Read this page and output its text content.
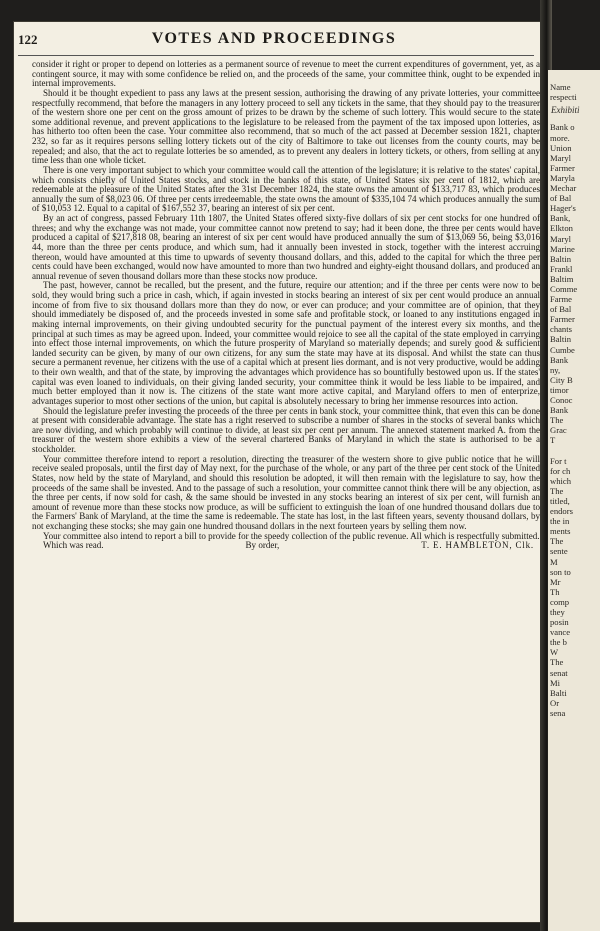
122	VOTES AND PROCEEDINGS

consider it right or proper to depend on lotteries as a permanent source of revenue to meet the current expenditures of government, yet, as a contingent source, it may with some confidence be relied on, and the proceeds of the same, your committee think, ought to be expended in internal improvements.

Should it be thought expedient to pass any laws at the present session, authorising the drawing of any private lotteries, your committee respectfully recommend, that before the managers in any lottery proceed to sell any tickets in the same, that they should pay to the treasurer of the western shore one per cent on the gross amount of prizes to be drawn by the scheme of such lottery. This would secure to the state some additional revenue, and prevent applications to the legislature to be released from the payment of the tax imposed upon lotteries, as has hitherto too often been the case. Your committee also recommend, that so much of the act passed at December session 1821, chapter 232, so far as it requires persons selling lottery tickets out of the city of Baltimore to take out licenses from the county courts, may be repealed; and also, that the act to regulate lotteries be so amended, as to prevent any dealers in lottery tickets, or others, from selling at any time less than one whole ticket.

There is one very important subject to which your committee would call the attention of the legislature; it is relative to the states' capital, which consists chiefly of United States stocks, and stock in the banks of this state, of United States six per cent of 1812, which are redeemable at the pleasure of the United States after the 31st December 1824, the state owns the amount of $133,717 83, which produces annually the sum of $8,023 06. Of three per cents irredeemable, the state owns the amount of $335,104 74 which produces annually the sum of $10,053 12. Equal to a capital of $167,552 37, bearing an interest of six per cent.

By an act of congress, passed February 11th 1807, the United States offered sixty-five dollars of six per cent stocks for one hundred of threes; and why the exchange was not made, your committee cannot now pretend to say; had it been done, the three per cents would have produced a capital of $217,818 08, bearing an interest of six per cent would have produced annually the sum of $13,069 56, being $3,016 44, more than the three per cents produce, and which sum, had it annually been invested in stock, together with the interest accruing thereon, would have amounted at this time to upwards of seventy thousand dollars, and this, added to the capital for which the three per cents could have been exchanged, would now have amounted to more than two hundred and eighty-eight thousand dollars, and produced an annual revenue of seven thousand dollars more than these stocks now produce.

The past, however, cannot be recalled, but the present, and the future, require our attention; and if the three per cents were now to be sold, they would bring such a price in cash, which, if again invested in stocks bearing an interest of six per cent would produce an annual income of from five to six thousand dollars more than they do now, or ever can produce; and your committee are of opinion, that they should immediately be disposed of, and the proceeds invested in some safe and profitable stock, or loaned to any institutions engaged in making internal improvements, on their giving undoubted security for the punctual payment of the interest every six months, and the principal at such times as may be agreed upon. Indeed, your committee would rejoice to see all the capital of the state employed in carrying into effect those internal improvements, on which the future prosperity of Maryland so materially depends; and surely good & sufficient landed security can be given, by many of our own citizens, for any sum the state may have at its disposal. And whilst the state can thus secure a permanent revenue, her citizens with the use of a capital which at present lies dormant, and is not very productive, would be adding to their own wealth, and that of the state, by improving the advantages which providence has so bountifully bestowed upon us. If the states' capital was even loaned to individuals, on their giving landed security, your committee think it would be less liable to be impaired, and much better employed than it now is. The citizens of the state want more active capital, and Maryland offers to men of enterprize, advantages superior to most other sections of the union, but capital is absolutely necessary to bring her immense resources into action.

Should the legislature prefer investing the proceeds of the three per cents in bank stock, your committee think, that even this can be done at present with considerable advantage. The state has a right reserved to subscribe a number of shares in the stocks of several banks which are now dividing, and which probably will continue to divide, at least six per cent per annum. The annexed statement marked A. from the treasurer of the western shore exhibits a view of the several chartered Banks of Maryland in which the state is authorised to be a stockholder.

Your committee therefore intend to report a resolution, directing the treasurer of the western shore to give public notice that he will receive sealed proposals, until the first day of May next, for the purchase of the whole, or any part of the three per cent stock of the United States, now held by the state of Maryland, and should this resolution be adopted, it will then remain with the legislature to say, how the proceeds of the same shall be invested. And to the passage of such a resolution, your committee cannot think there will be any objection, as the three per cents, if now sold for cash, & the same should be invested in any stocks bearing an interest of six per cent, will furnish an amount of revenue more than these stocks now produce, as will be sufficient to extinguish the loan of one hundred thousand dollars due to the Farmers' Bank of Maryland, at the time the same is redeemable. The state has lost, in the last fifteen years, seventy thousand dollars, by not exchanging these stocks; she may gain one hundred thousand dollars in the next fourteen years by selling them now.

Your committee also intend to report a bill to provide for the speedy collection of the public revenue. All which is respectfully submitted.

Which was read.	By order,	T. E. HAMBLETON, Clk.
Name
respecti
Bank o
more.
Union
Maryl
Farmer
Maryla
Mechar
of Bal
Hager's
Bank,
Elkton
Maryl
Marine
Baltin
Frankl
Baltim
Comme
Farme
of Bal
Farmer
chants
Baltin
Cumbe
Bank
ny,
City B
timor
Conoc
Bank
The
Grac
T
For t
for ch
which
The
titled,
endors
the in
ments
The
sente
M
son to
Mr
Th
comp
they
posin
vance
the b
W
The
senat
Mi
Balti
Or
sena
Exhibiti
